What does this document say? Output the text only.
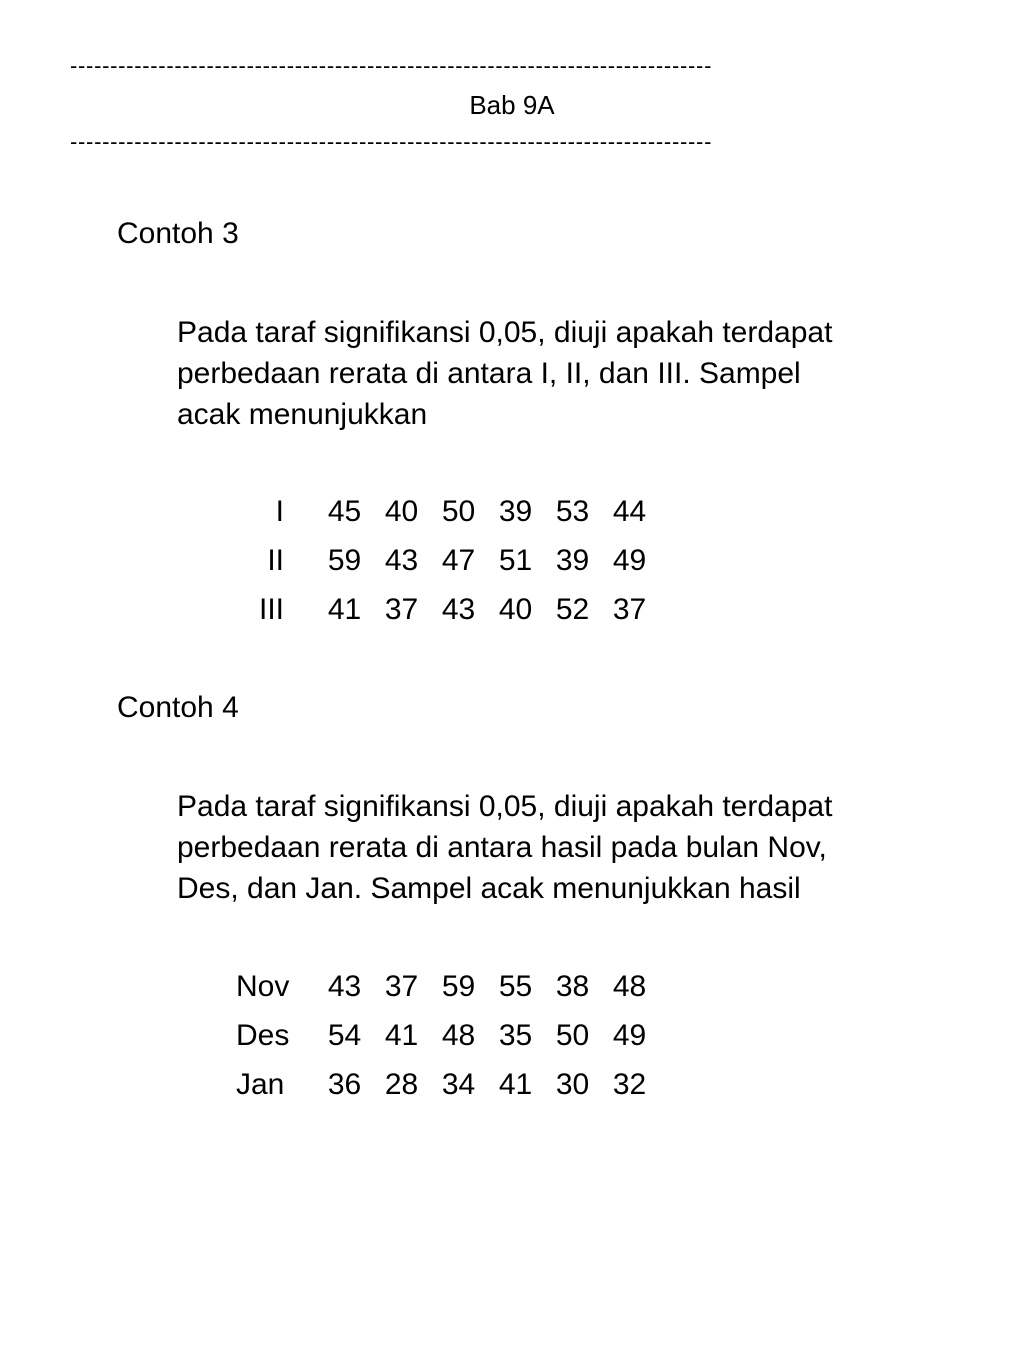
--------------------------------------------------------------------------------
Bab 9A
--------------------------------------------------------------------------------
Contoh 3

Pada taraf signifikansi 0,05, diuji apakah terdapat
perbedaan rerata di antara I, II, dan III. Sampel
acak menunjukkan

I	45 40 50 39 53 44
II	59 43 47 51 39 49
III	41 37 43 40 52 37
Contoh 4

Pada taraf signifikansi 0,05, diuji apakah terdapat
perbedaan rerata di antara hasil pada bulan Nov,
Des, dan Jan. Sampel acak menunjukkan hasil

Nov	43 37 59 55 38 48
Des	54 41 48 35 50 49
Jan	36 28 34 41 30 32
